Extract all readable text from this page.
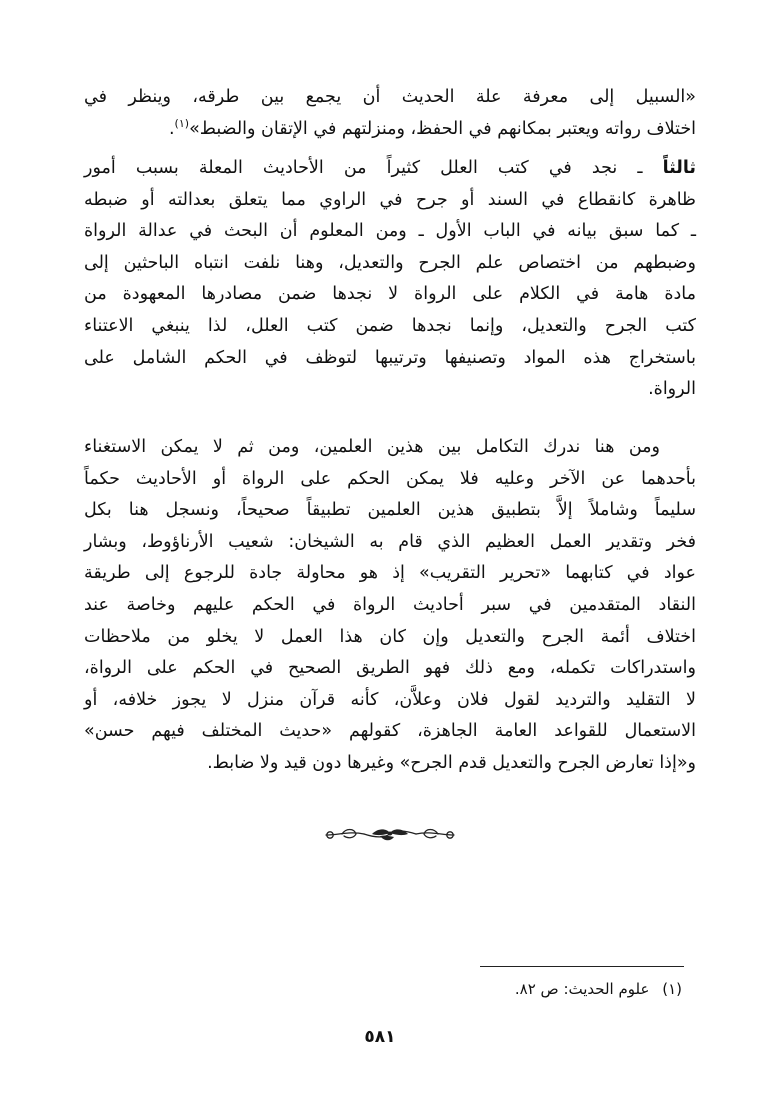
«السبيل إلى معرفة علة الحديث أن يجمع بين طرقه، وينظر في
اختلاف رواته ويعتبر بمكانهم في الحفظ، ومنزلتهم في الإتقان والضبط»$^{(١)}$.
ثالثاً ـ نجد في كتب العلل كثيراً من الأحاديث المعلة بسبب أمور
ظاهرة كانقطاع في السند أو جرح في الراوي مما يتعلق بعدالته أو ضبطه
ـ كما سبق بيانه في الباب الأول ـ ومن المعلوم أن البحث في عدالة الرواة
وضبطهم من اختصاص علم الجرح والتعديل، وهنا نلفت انتباه الباحثين إلى
مادة هامة في الكلام على الرواة لا نجدها ضمن مصادرها المعهودة من
كتب الجرح والتعديل، وإنما نجدها ضمن كتب العلل، لذا ينبغي الاعتناء
باستخراج هذه المواد وتصنيفها وترتيبها لتوظف في الحكم الشامل على
الرواة.
ومن هنا ندرك التكامل بين هذين العلمين، ومن ثم لا يمكن الاستغناء
بأحدهما عن الآخر وعليه فلا يمكن الحكم على الرواة أو الأحاديث حكماً
سليماً وشاملاً إلاَّ بتطبيق هذين العلمين تطبيقاً صحيحاً، ونسجل هنا بكل
فخر وتقدير العمل العظيم الذي قام به الشيخان: شعيب الأرناؤوط، وبشار
عواد في كتابهما «تحرير التقريب» إذ هو محاولة جادة للرجوع إلى طريقة
النقاد المتقدمين في سبر أحاديث الرواة في الحكم عليهم وخاصة عند
اختلاف أئمة الجرح والتعديل وإن كان هذا العمل لا يخلو من ملاحظات
واستدراكات تكمله، ومع ذلك فهو الطريق الصحيح في الحكم على الرواة،
لا التقليد والترديد لقول فلان وعلاَّن، كأنه قرآن منزل لا يجوز خلافه، أو
الاستعمال للقواعد العامة الجاهزة، كقولهم «حديث المختلف فيهم حسن»
و«إذا تعارض الجرح والتعديل قدم الجرح» وغيرها دون قيد ولا ضابط.
(١) علوم الحديث: ص ٨٢.
٥٨١
